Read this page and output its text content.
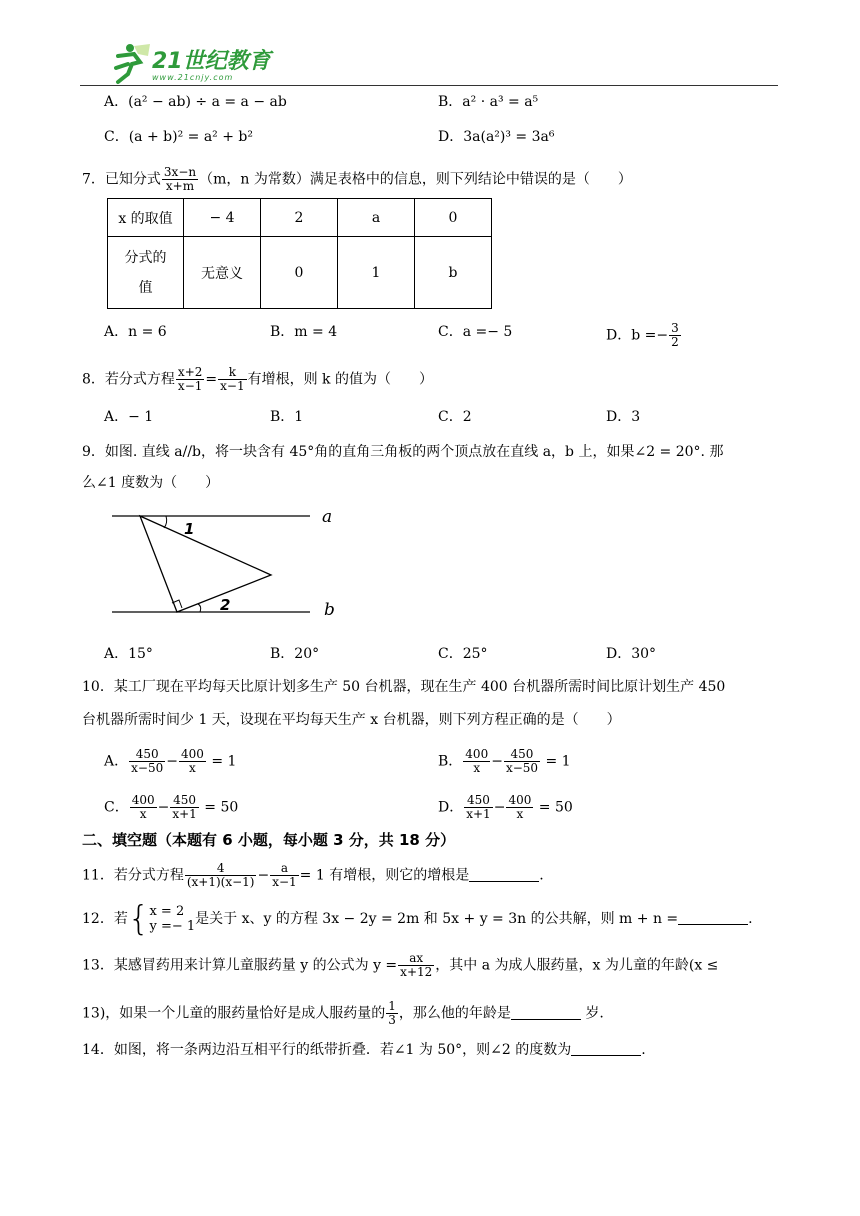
21世纪教育
www.21cnjy.com
A．(a² − ab) ÷ a = a − ab	B．a² · a³ = a⁵
C．(a + b)² = a² + b²	D．3a(a²)³ = 3a⁶
7．已知分式 $\frac{3x-n}{x+m} (m$，n 为常数）满足表格中的信息，则下列结论中错误的是（　　）
x 的取值	− 4	2	a	0
分式的
值	无意义	0	1	b
A．n = 6	B．m = 4	C．a =− 5	D．$b =- \frac{3}{2}$
8．若分式方程 $\frac{x+2}{x-1} = \frac{k}{x-1}$ 有增根，则 k 的值为（　　）
A．− 1	B．1	C．2	D．3
9．如图. 直线 a//b，将一块含有 45°角的直角三角板的两个顶点放在直线 a，b 上，如果∠2 = 20°. 那
么∠1 度数为（　　）
1
2
a
b
A．15°	B．20°	C．25°	D．30°
10．某工厂现在平均每天比原计划多生产 50 台机器，现在生产 400 台机器所需时间比原计划生产 450
台机器所需时间少 1 天，设现在平均每天生产 x 台机器，则下列方程正确的是（　　）
A． $\frac{450}{x-50} - \frac{400}{x} = 1$	B． $\frac{400}{x} - \frac{450}{x-50} = 1$
C． $\frac{400}{x} - \frac{450}{x+1} = 50$	D． $\frac{450}{x+1} - \frac{400}{x} = 50$
二、填空题（本题有 6 小题，每小题 3 分，共 18 分）
11．若分式方程 $\frac{4}{(x+1)(x-1)} - \frac{a}{x-1} = 1$ 有增根，则它的增根是	.
12．若{x = 2
y =− 1是关于 x、y 的方程 3x − 2y = 2m 和 5x + y = 3n 的公共解，则 m + n =	.
13．某感冒药用来计算儿童服药量 y 的公式为 $y = \frac{ax}{x+12}$ ，其中 a 为成人服药量，x 为儿童的年龄(x ≤
13)，如果一个儿童的服药量恰好是成人服药量的 $\frac{1}{3}$ ，那么他的年龄是	岁.
14．如图，将一条两边沿互相平行的纸带折叠．若∠1 为 50°，则∠2 的度数为	.
